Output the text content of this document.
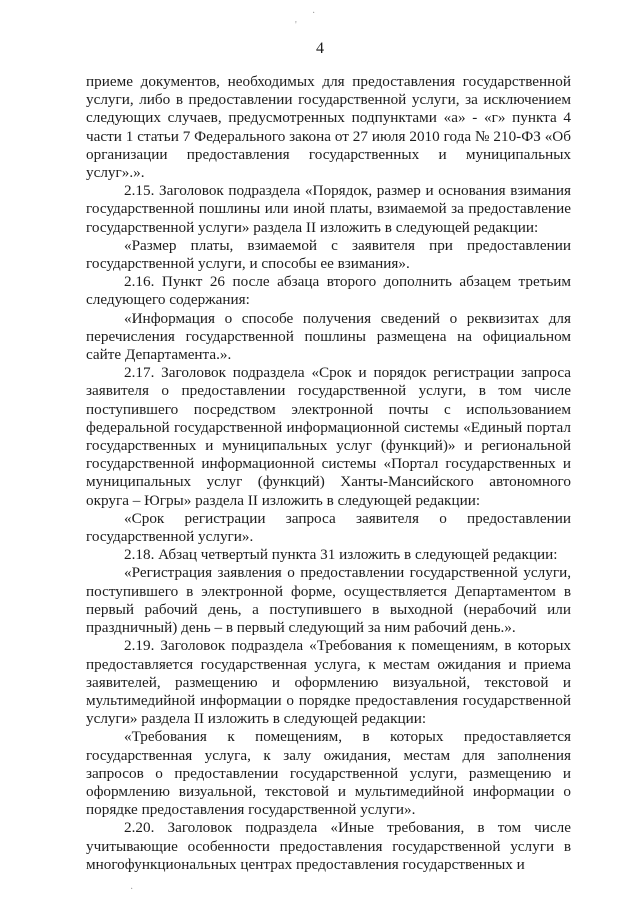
·
'
·
4

приеме документов, необходимых для предоставления государственной услуги, либо в предоставлении государственной услуги, за исключением следующих случаев, предусмотренных подпунктами «а» - «г» пункта 4 части 1 статьи 7 Федерального закона от 27 июля 2010 года № 210-ФЗ «Об организации предоставления государственных и муниципальных услуг».».

2.15. Заголовок подраздела «Порядок, размер и основания взимания государственной пошлины или иной платы, взимаемой за предоставление государственной услуги» раздела II изложить в следующей редакции:

«Размер платы, взимаемой с заявителя при предоставлении государственной услуги, и способы ее взимания».

2.16. Пункт 26 после абзаца второго дополнить абзацем третьим следующего содержания:

«Информация о способе получения сведений о реквизитах для перечисления государственной пошлины размещена на официальном сайте Департамента.».

2.17. Заголовок подраздела «Срок и порядок регистрации запроса заявителя о предоставлении государственной услуги, в том числе поступившего посредством электронной почты с использованием федеральной государственной информационной системы «Единый портал государственных и муниципальных услуг (функций)» и региональной государственной информационной системы «Портал государственных и муниципальных услуг (функций) Ханты-Мансийского автономного округа – Югры» раздела II изложить в следующей редакции:

«Срок регистрации запроса заявителя о предоставлении государственной услуги».

2.18. Абзац четвертый пункта 31 изложить в следующей редакции:

«Регистрация заявления о предоставлении государственной услуги, поступившего в электронной форме, осуществляется Департаментом в первый рабочий день, а поступившего в выходной (нерабочий или праздничный) день – в первый следующий за ним рабочий день.».

2.19. Заголовок подраздела «Требования к помещениям, в которых предоставляется государственная услуга, к местам ожидания и приема заявителей, размещению и оформлению визуальной, текстовой и мультимедийной информации о порядке предоставления государственной услуги» раздела II изложить в следующей редакции:

«Требования к помещениям, в которых предоставляется государственная услуга, к залу ожидания, местам для заполнения запросов о предоставлении государственной услуги, размещению и оформлению визуальной, текстовой и мультимедийной информации о порядке предоставления государственной услуги».

2.20. Заголовок подраздела «Иные требования, в том числе учитывающие особенности предоставления государственной услуги в многофункциональных центрах предоставления государственных и
